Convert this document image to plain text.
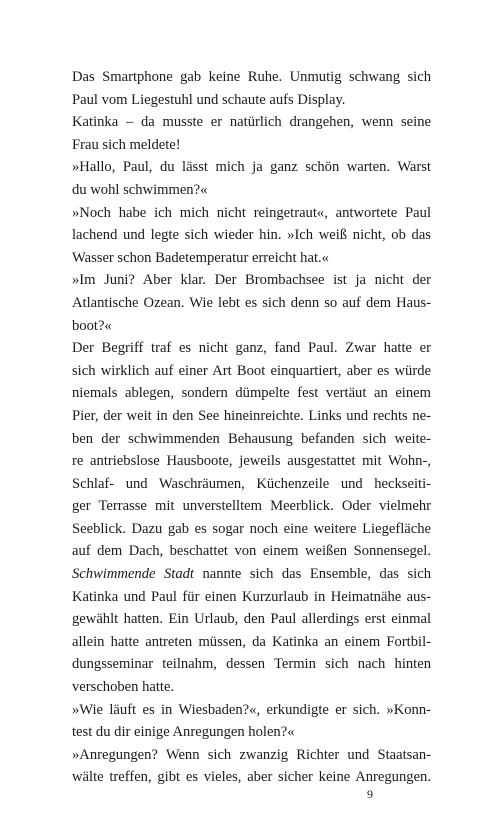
Das Smartphone gab keine Ruhe. Unmutig schwang sich
Paul vom Liegestuhl und schaute aufs Display.

Katinka – da musste er natürlich drangehen, wenn seine
Frau sich meldete!

»Hallo, Paul, du lässt mich ja ganz schön warten. Warst
du wohl schwimmen?«

»Noch habe ich mich nicht reingetraut«, antwortete Paul
lachend und legte sich wieder hin. »Ich weiß nicht, ob das
Wasser schon Badetemperatur erreicht hat.«

»Im Juni? Aber klar. Der Brombachsee ist ja nicht der
Atlantische Ozean. Wie lebt es sich denn so auf dem Haus-
boot?«

Der Begriff traf es nicht ganz, fand Paul. Zwar hatte er
sich wirklich auf einer Art Boot einquartiert, aber es würde
niemals ablegen, sondern dümpelte fest vertäut an einem
Pier, der weit in den See hineinreichte. Links und rechts ne-
ben der schwimmenden Behausung befanden sich weite-
re antriebslose Hausboote, jeweils ausgestattet mit Wohn-,
Schlaf- und Waschräumen, Küchenzeile und heckseiti-
ger Terrasse mit unverstelltem Meerblick. Oder vielmehr
Seeblick. Dazu gab es sogar noch eine weitere Liegefläche
auf dem Dach, beschattet von einem weißen Sonnensegel.
Schwimmende Stadt nannte sich das Ensemble, das sich
Katinka und Paul für einen Kurzurlaub in Heimatnähe aus-
gewählt hatten. Ein Urlaub, den Paul allerdings erst einmal
allein hatte antreten müssen, da Katinka an einem Fortbil-
dungsseminar teilnahm, dessen Termin sich nach hinten
verschoben hatte.

»Wie läuft es in Wiesbaden?«, erkundigte er sich. »Konn-
test du dir einige Anregungen holen?«

»Anregungen? Wenn sich zwanzig Richter und Staatsan-
wälte treffen, gibt es vieles, aber sicher keine Anregungen.

9
